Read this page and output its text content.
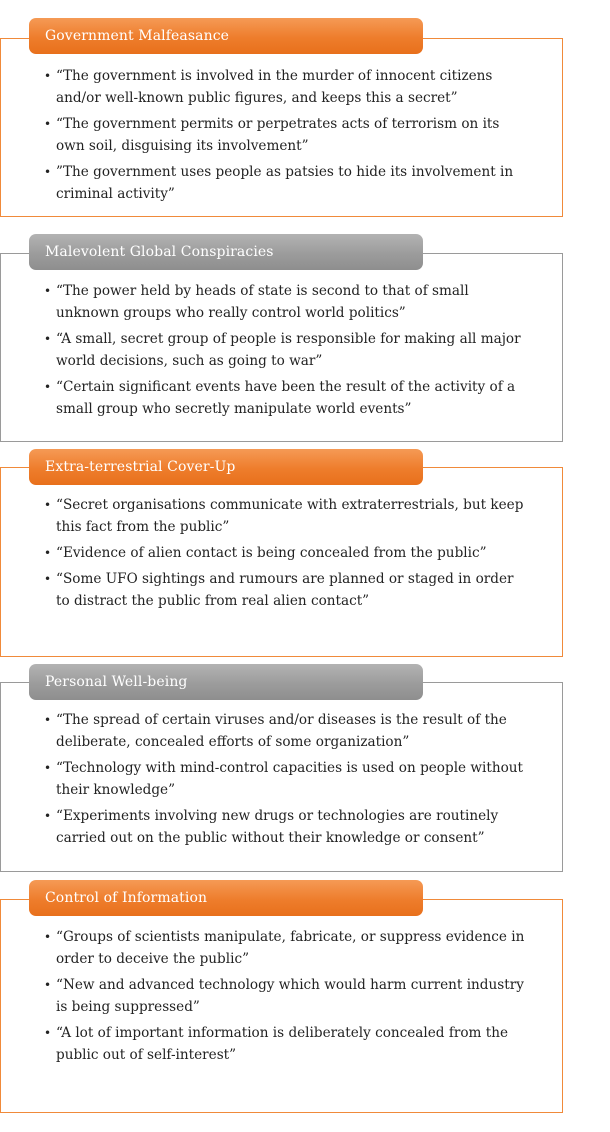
Government Malfeasance
• “The government is involved in the murder of innocent citizens and/or well-known public figures, and keeps this a secret”
• “The government permits or perpetrates acts of terrorism on its own soil, disguising its involvement”
• ”The government uses people as patsies to hide its involvement in criminal activity”
Malevolent Global Conspiracies
• “The power held by heads of state is second to that of small unknown groups who really control world politics”
• “A small, secret group of people is responsible for making all major world decisions, such as going to war”
• “Certain significant events have been the result of the activity of a small group who secretly manipulate world events”
Extra-terrestrial Cover-Up
• “Secret organisations communicate with extraterrestrials, but keep this fact from the public”
• “Evidence of alien contact is being concealed from the public”
• “Some UFO sightings and rumours are planned or staged in order to distract the public from real alien contact”
Personal Well-being
• “The spread of certain viruses and/or diseases is the result of the deliberate, concealed efforts of some organization”
• “Technology with mind-control capacities is used on people without their knowledge”
• “Experiments involving new drugs or technologies are routinely carried out on the public without their knowledge or consent”
Control of Information
• “Groups of scientists manipulate, fabricate, or suppress evidence in order to deceive the public”
• “New and advanced technology which would harm current industry is being suppressed”
• “A lot of important information is deliberately concealed from the public out of self-interest”
